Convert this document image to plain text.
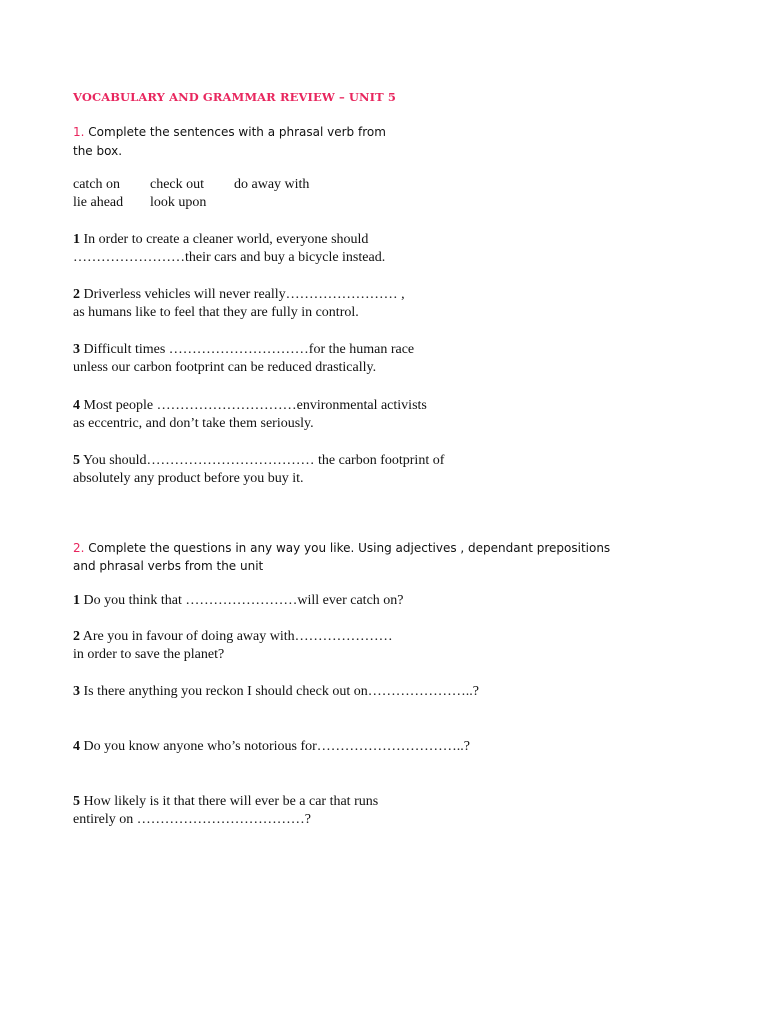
VOCABULARY AND GRAMMAR REVIEW – UNIT 5
1. Complete the sentences with a phrasal verb from
the box.
catch on check out do away with
lie ahead look upon
1 In order to create a cleaner world, everyone should
……………………their cars and buy a bicycle instead.
2 Driverless vehicles will never really…………………… ,
as humans like to feel that they are fully in control.
3 Difficult times …………………………for the human race
unless our carbon footprint can be reduced drastically.
4 Most people …………………………environmental activists
as eccentric, and don’t take them seriously.
5 You should……………………………… the carbon footprint of
absolutely any product before you buy it.
2. Complete the questions in any way you like. Using adjectives , dependant prepositions
and phrasal verbs from the unit
1 Do you think that ……………………will ever catch on?
2 Are you in favour of doing away with…………………
in order to save the planet?
3 Is there anything you reckon I should check out on…………………..?
4 Do you know anyone who’s notorious for…………………………..?
5 How likely is it that there will ever be a car that runs
entirely on ………………………………?
